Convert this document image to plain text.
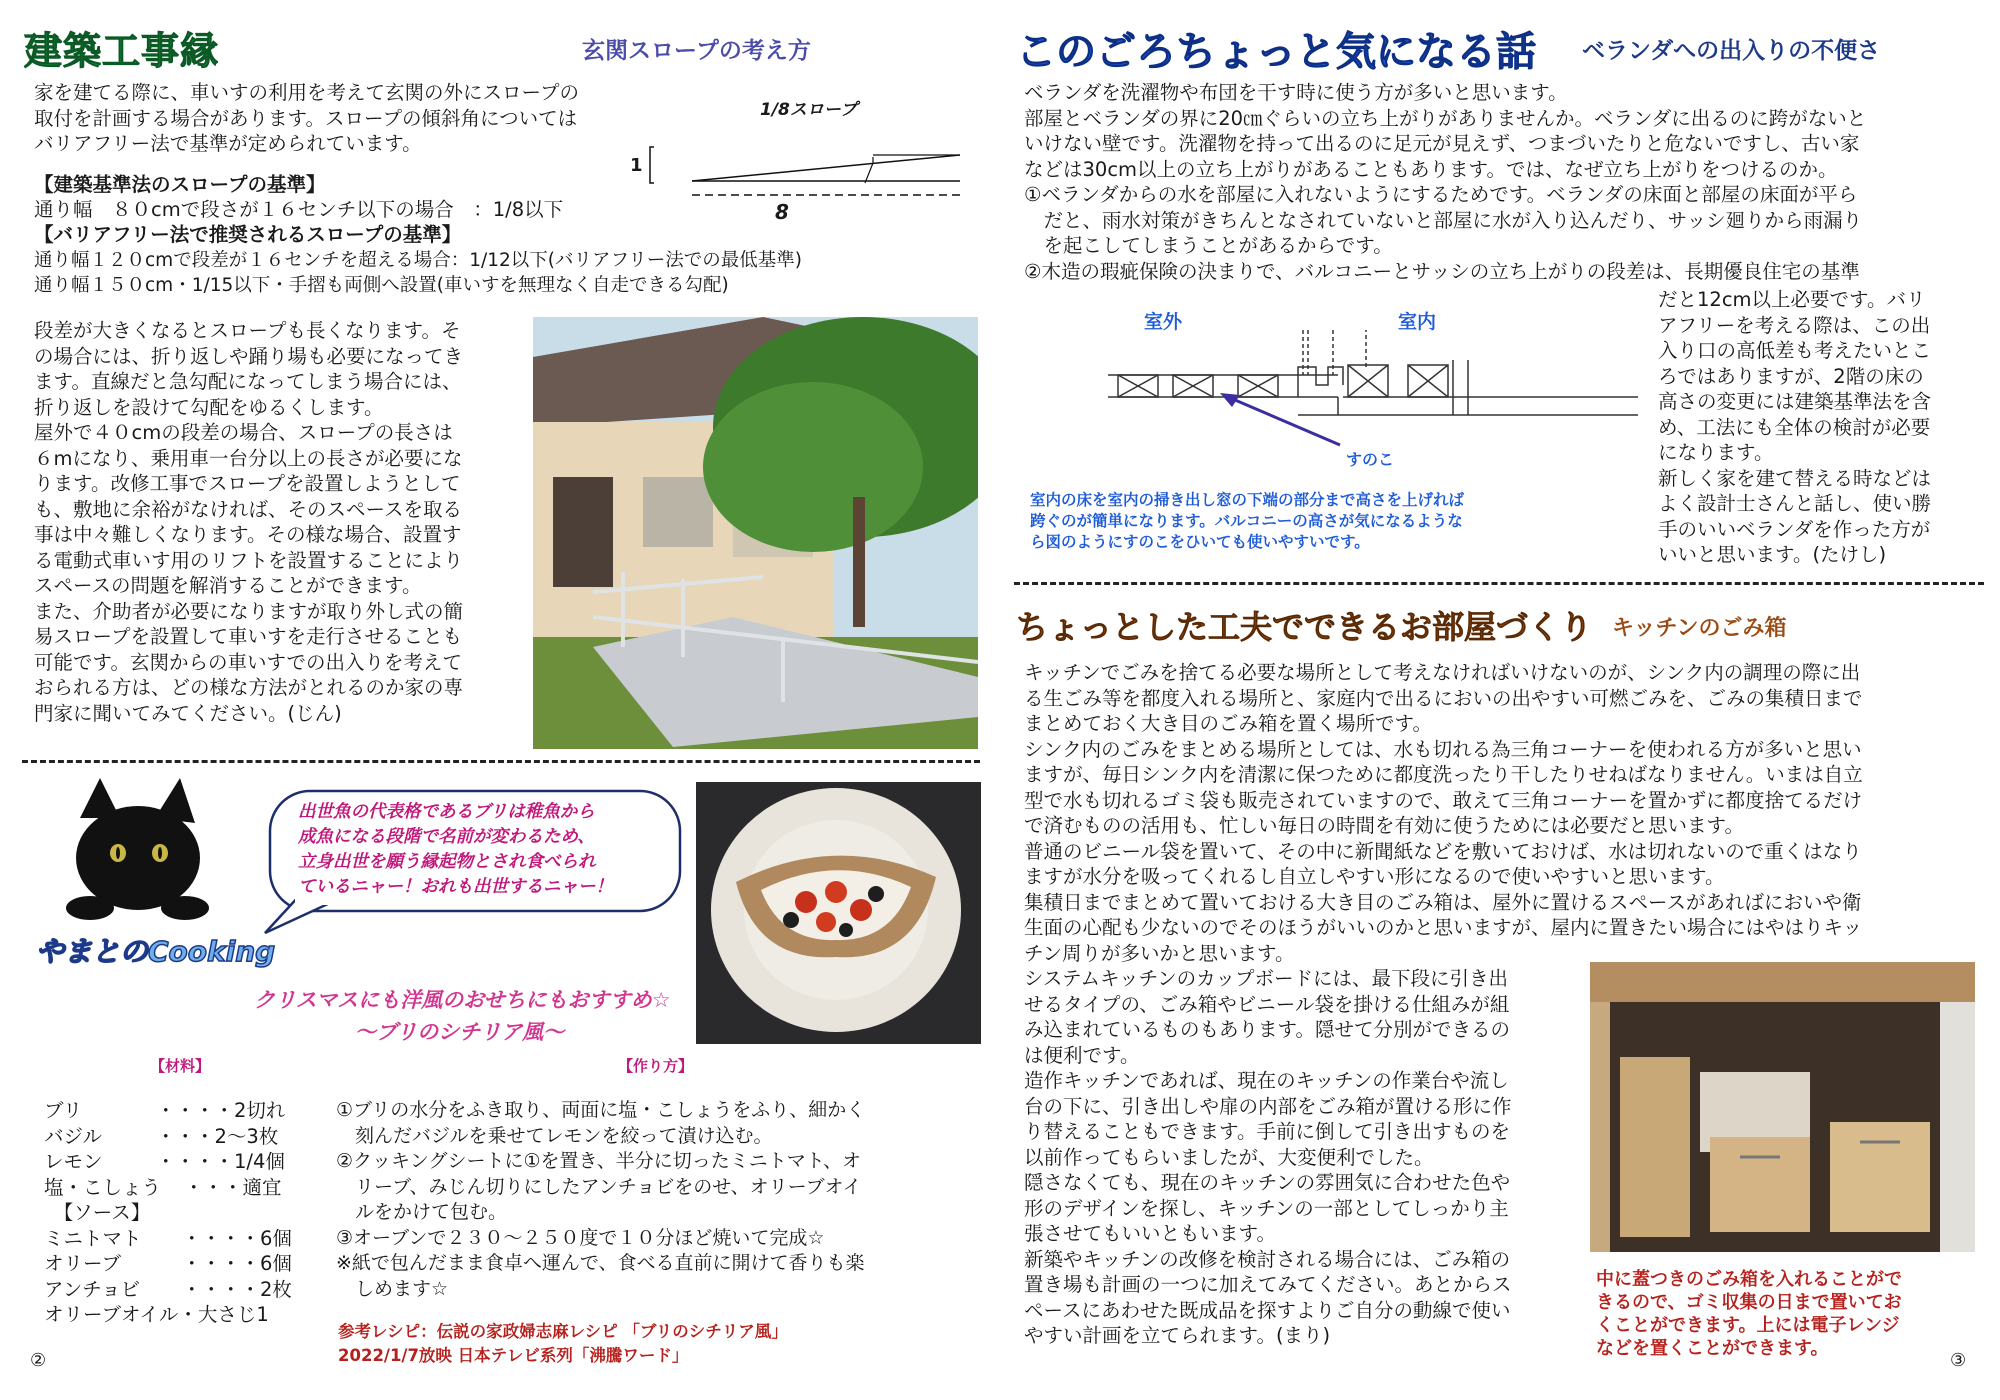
建築工事縁	玄関スロープの考え方
家を建てる際に、車いすの利用を考えて玄関の外にスロープの
取付を計画する場合があります。スロープの傾斜角については
バリアフリー法で基準が定められています。
1/8スロープ
1
8
【建築基準法のスロープの基準】
通り幅　８０cmで段さが１６センチ以下の場合　：1/8以下
【バリアフリー法で推奨されるスロープの基準】
通り幅１２０cmで段差が１６センチを超える場合：1/12以下(バリアフリー法での最低基準)
通り幅１５０cm・1/15以下・手摺も両側へ設置(車いすを無理なく自走できる勾配)
段差が大きくなるとスロープも長くなります。そ
の場合には、折り返しや踊り場も必要になってき
ます。直線だと急勾配になってしまう場合には、
折り返しを設けて勾配をゆるくします。
屋外で４０cmの段差の場合、スロープの長さは
６mになり、乗用車一台分以上の長さが必要にな
ります。改修工事でスロープを設置しようとして
も、敷地に余裕がなければ、そのスペースを取る
事は中々難しくなります。その様な場合、設置す
る電動式車いす用のリフトを設置することにより
スペースの問題を解消することができます。
また、介助者が必要になりますが取り外し式の簡
易スロープを設置して車いすを走行させることも
可能です。玄関からの車いすでの出入りを考えて
おられる方は、どの様な方法がとれるのか家の専
門家に聞いてみてください。(じん)
やまとのCooking
出世魚の代表格であるブリは稚魚から
成魚になる段階で名前が変わるため、
立身出世を願う縁起物とされ食べられ
ているニャー！おれも出世するニャー！
クリスマスにも洋風のおせちにもおすすめ☆
～ブリのシチリア風～
【材料】	【作り方】
ブリ	・・・・2切れ
バジル	・・・2～3枚
レモン	・・・・1/4個
塩・こしょう	・・・適宜
　【ソース】
ミニトマト	・・・・6個
オリーブ	・・・・6個
アンチョビ	・・・・2枚
オリーブオイル・大さじ1
①ブリの水分をふき取り、両面に塩・こしょうをふり、細かく
　刻んだバジルを乗せてレモンを絞って漬け込む。
②クッキングシートに①を置き、半分に切ったミニトマト、オ
　リーブ、みじん切りにしたアンチョビをのせ、オリーブオイ
　ルをかけて包む。
③オーブンで２３０～２５０度で１０分ほど焼いて完成☆
※紙で包んだまま食卓へ運んで、食べる直前に開けて香りも楽
　しめます☆
参考レシピ：伝説の家政婦志麻レシピ 「ブリのシチリア風」
2022/1/7放映 日本テレビ系列「沸騰ワード」
②
このごろちょっと気になる話 ベランダへの出入りの不便さ
ベランダを洗濯物や布団を干す時に使う方が多いと思います。
部屋とベランダの界に20㎝ぐらいの立ち上がりがありませんか。ベランダに出るのに跨がないと
いけない壁です。洗濯物を持って出るのに足元が見えず、つまづいたりと危ないですし、古い家
などは30cm以上の立ち上がりがあることもあります。では、なぜ立ち上がりをつけるのか。
①ベランダからの水を部屋に入れないようにするためです。ベランダの床面と部屋の床面が平ら
　だと、雨水対策がきちんとなされていないと部屋に水が入り込んだり、サッシ廻りから雨漏り
　を起こしてしまうことがあるからです。
②木造の瑕疵保険の決まりで、バルコニーとサッシの立ち上がりの段差は、長期優良住宅の基準
だと12cm以上必要です。バリ
アフリーを考える際は、この出
入り口の高低差も考えたいとこ
ろではありますが、2階の床の
高さの変更には建築基準法を含
め、工法にも全体の検討が必要
になります。
新しく家を建て替える時などは
よく設計士さんと話し、使い勝
手のいいベランダを作った方が
いいと思います。(たけし)
室外	室内
すのこ
室内の床を室内の掃き出し窓の下端の部分まで高さを上げれば
跨ぐのが簡単になります。バルコニーの高さが気になるような
ら図のようにすのこをひいても使いやすいです。
ちょっとした工夫でできるお部屋づくり キッチンのごみ箱
キッチンでごみを捨てる必要な場所として考えなければいけないのが、シンク内の調理の際に出
る生ごみ等を都度入れる場所と、家庭内で出るにおいの出やすい可燃ごみを、ごみの集積日まで
まとめておく大き目のごみ箱を置く場所です。
シンク内のごみをまとめる場所としては、水も切れる為三角コーナーを使われる方が多いと思い
ますが、毎日シンク内を清潔に保つために都度洗ったり干したりせねばなりません。いまは自立
型で水も切れるゴミ袋も販売されていますので、敢えて三角コーナーを置かずに都度捨てるだけ
で済むものの活用も、忙しい毎日の時間を有効に使うためには必要だと思います。
普通のビニール袋を置いて、その中に新聞紙などを敷いておけば、水は切れないので重くはなり
ますが水分を吸ってくれるし自立しやすい形になるので使いやすいと思います。
集積日までまとめて置いておける大き目のごみ箱は、屋外に置けるスペースがあればにおいや衛
生面の心配も少ないのでそのほうがいいのかと思いますが、屋内に置きたい場合にはやはりキッ
チン周りが多いかと思います。
システムキッチンのカップボードには、最下段に引き出
せるタイプの、ごみ箱やビニール袋を掛ける仕組みが組
み込まれているものもあります。隠せて分別ができるの
は便利です。
造作キッチンであれば、現在のキッチンの作業台や流し
台の下に、引き出しや扉の内部をごみ箱が置ける形に作
り替えることもできます。手前に倒して引き出すものを
以前作ってもらいましたが、大変便利でした。
隠さなくても、現在のキッチンの雰囲気に合わせた色や
形のデザインを探し、キッチンの一部としてしっかり主
張させてもいいともいます。
新築やキッチンの改修を検討される場合には、ごみ箱の
置き場も計画の一つに加えてみてください。あとからス
ペースにあわせた既成品を探すよりご自分の動線で使い
やすい計画を立てられます。(まり)
中に蓋つきのごみ箱を入れることがで
きるので、ゴミ収集の日まで置いてお
くことができます。上には電子レンジ
などを置くことができます。
③
